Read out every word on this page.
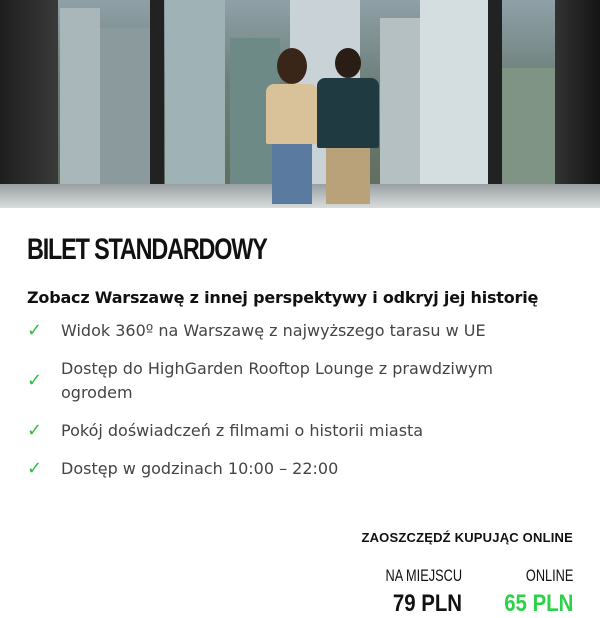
BILET STANDARDOWY
Zobacz Warszawę z innej perspektywy i odkryj jej historię
✓	Widok 360º na Warszawę z najwyższego tarasu w UE
✓
Dostęp do HighGarden Rooftop Lounge z prawdziwym ogrodem
✓	Pokój doświadczeń z filmami o historii miasta
✓	Dostęp w godzinach 10:00 – 22:00
ZAOSZCZĘDŹ KUPUJĄC ONLINE
NA MIEJSCU
79 PLN
ONLINE
65 PLN
